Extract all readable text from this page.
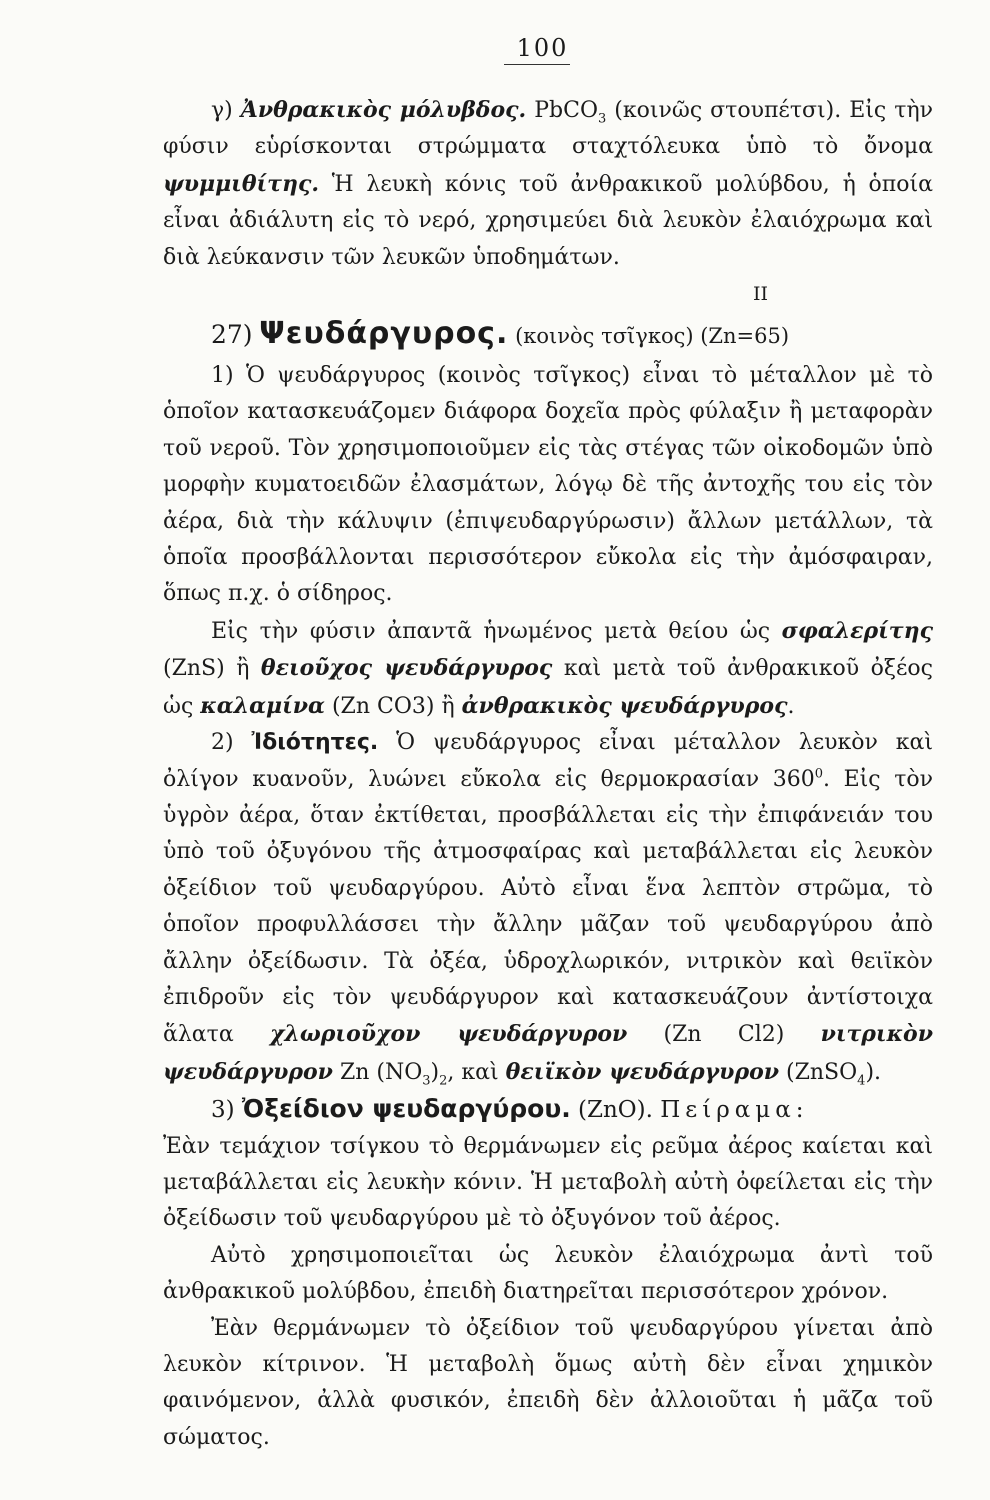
100

γ) Ἀνθρακικὸς μόλυβδος. PbCO$_3$ (κοινῶς στουπέτσι). Εἰς τὴν φύσιν εὑρίσκονται στρώμματα σταχτόλευκα ὑπὸ τὸ ὄνομα ψυμμιθίτης. Ἡ λευκὴ κόνις τοῦ ἀνθρακικοῦ μολύβδου, ἡ ὁποία εἶναι ἀδιάλυτη εἰς τὸ νερό, χρησιμεύει διὰ λευκὸν ἐλαιόχρωμα καὶ διὰ λεύκανσιν τῶν λευκῶν ὑποδημάτων.

II

27) Ψευδάργυρος. (κοινὸς τσῖγκος) (Zn=65)

1) Ὁ ψευδάργυρος (κοινὸς τσῖγκος) εἶναι τὸ μέταλλον μὲ τὸ ὁποῖον κατασκευάζομεν διάφορα δοχεῖα πρὸς φύλαξιν ἢ μεταφορὰν τοῦ νεροῦ. Τὸν χρησιμοποιοῦμεν εἰς τὰς στέγας τῶν οἰκοδομῶν ὑπὸ μορφὴν κυματοειδῶν ἐλασμάτων, λόγῳ δὲ τῆς ἀντοχῆς του εἰς τὸν ἀέρα, διὰ τὴν κάλυψιν (ἐπιψευδαργύρωσιν) ἄλλων μετάλλων, τὰ ὁποῖα προσβάλλονται περισσότερον εὔκολα εἰς τὴν ἀμόσφαιραν, ὅπως π.χ. ὁ σίδηρος.

Εἰς τὴν φύσιν ἀπαντᾶ ἡνωμένος μετὰ θείου ὡς σφαλερίτης (ZnS) ἢ θειοῦχος ψευδάργυρος καὶ μετὰ τοῦ ἀνθρακικοῦ ὀξέος ὡς καλαμίνα (Zn CO3) ἢ ἀνθρακικὸς ψευδάργυρος.

2) Ἰδιότητες. Ὁ ψευδάργυρος εἶναι μέταλλον λευκὸν καὶ ὀλίγον κυανοῦν, λυώνει εὔκολα εἰς θερμοκρασίαν $360^0$. Εἰς τὸν ὑγρὸν ἀέρα, ὅταν ἐκτίθεται, προσβάλλεται εἰς τὴν ἐπιφάνειάν του ὑπὸ τοῦ ὀξυγόνου τῆς ἀτμοσφαίρας καὶ μεταβάλλεται εἰς λευκὸν ὀξείδιον τοῦ ψευδαργύρου. Αὐτὸ εἶναι ἕνα λεπτὸν στρῶμα, τὸ ὁποῖον προφυλλάσσει τὴν ἄλλην μᾶζαν τοῦ ψευδαργύρου ἀπὸ ἄλλην ὀξείδωσιν. Τὰ ὀξέα, ὑδροχλωρικόν, νιτρικὸν καὶ θειϊκὸν ἐπιδροῦν εἰς τὸν ψευδάργυρον καὶ κατασκευάζουν ἀντίστοιχα ἅλατα χλωριοῦχον ψευδάργυρον (Zn Cl2) νιτρικὸν ψευδάργυρον Zn $(NO_3)_2$, καὶ θειϊκὸν ψευδάργυρον (ZnSO$_4$).

3) Ὀξείδιον ψευδαργύρου. (ZnO). Πείραμα:

Ἐὰν τεμάχιον τσίγκου τὸ θερμάνωμεν εἰς ρεῦμα ἀέρος καίεται καὶ μεταβάλλεται εἰς λευκὴν κόνιν. Ἡ μεταβολὴ αὐτὴ ὀφείλεται εἰς τὴν ὀξείδωσιν τοῦ ψευδαργύρου μὲ τὸ ὀξυγόνον τοῦ ἀέρος.

Αὐτὸ χρησιμοποιεῖται ὡς λευκὸν ἐλαιόχρωμα ἀντὶ τοῦ ἀνθρακικοῦ μολύβδου, ἐπειδὴ διατηρεῖται περισσότερον χρόνον.

Ἐὰν θερμάνωμεν τὸ ὀξείδιον τοῦ ψευδαργύρου γίνεται ἀπὸ λευκὸν κίτρινον. Ἡ μεταβολὴ ὅμως αὐτὴ δὲν εἶναι χημικὸν φαινόμενον, ἀλλὰ φυσικόν, ἐπειδὴ δὲν ἀλλοιοῦται ἡ μᾶζα τοῦ σώματος.
